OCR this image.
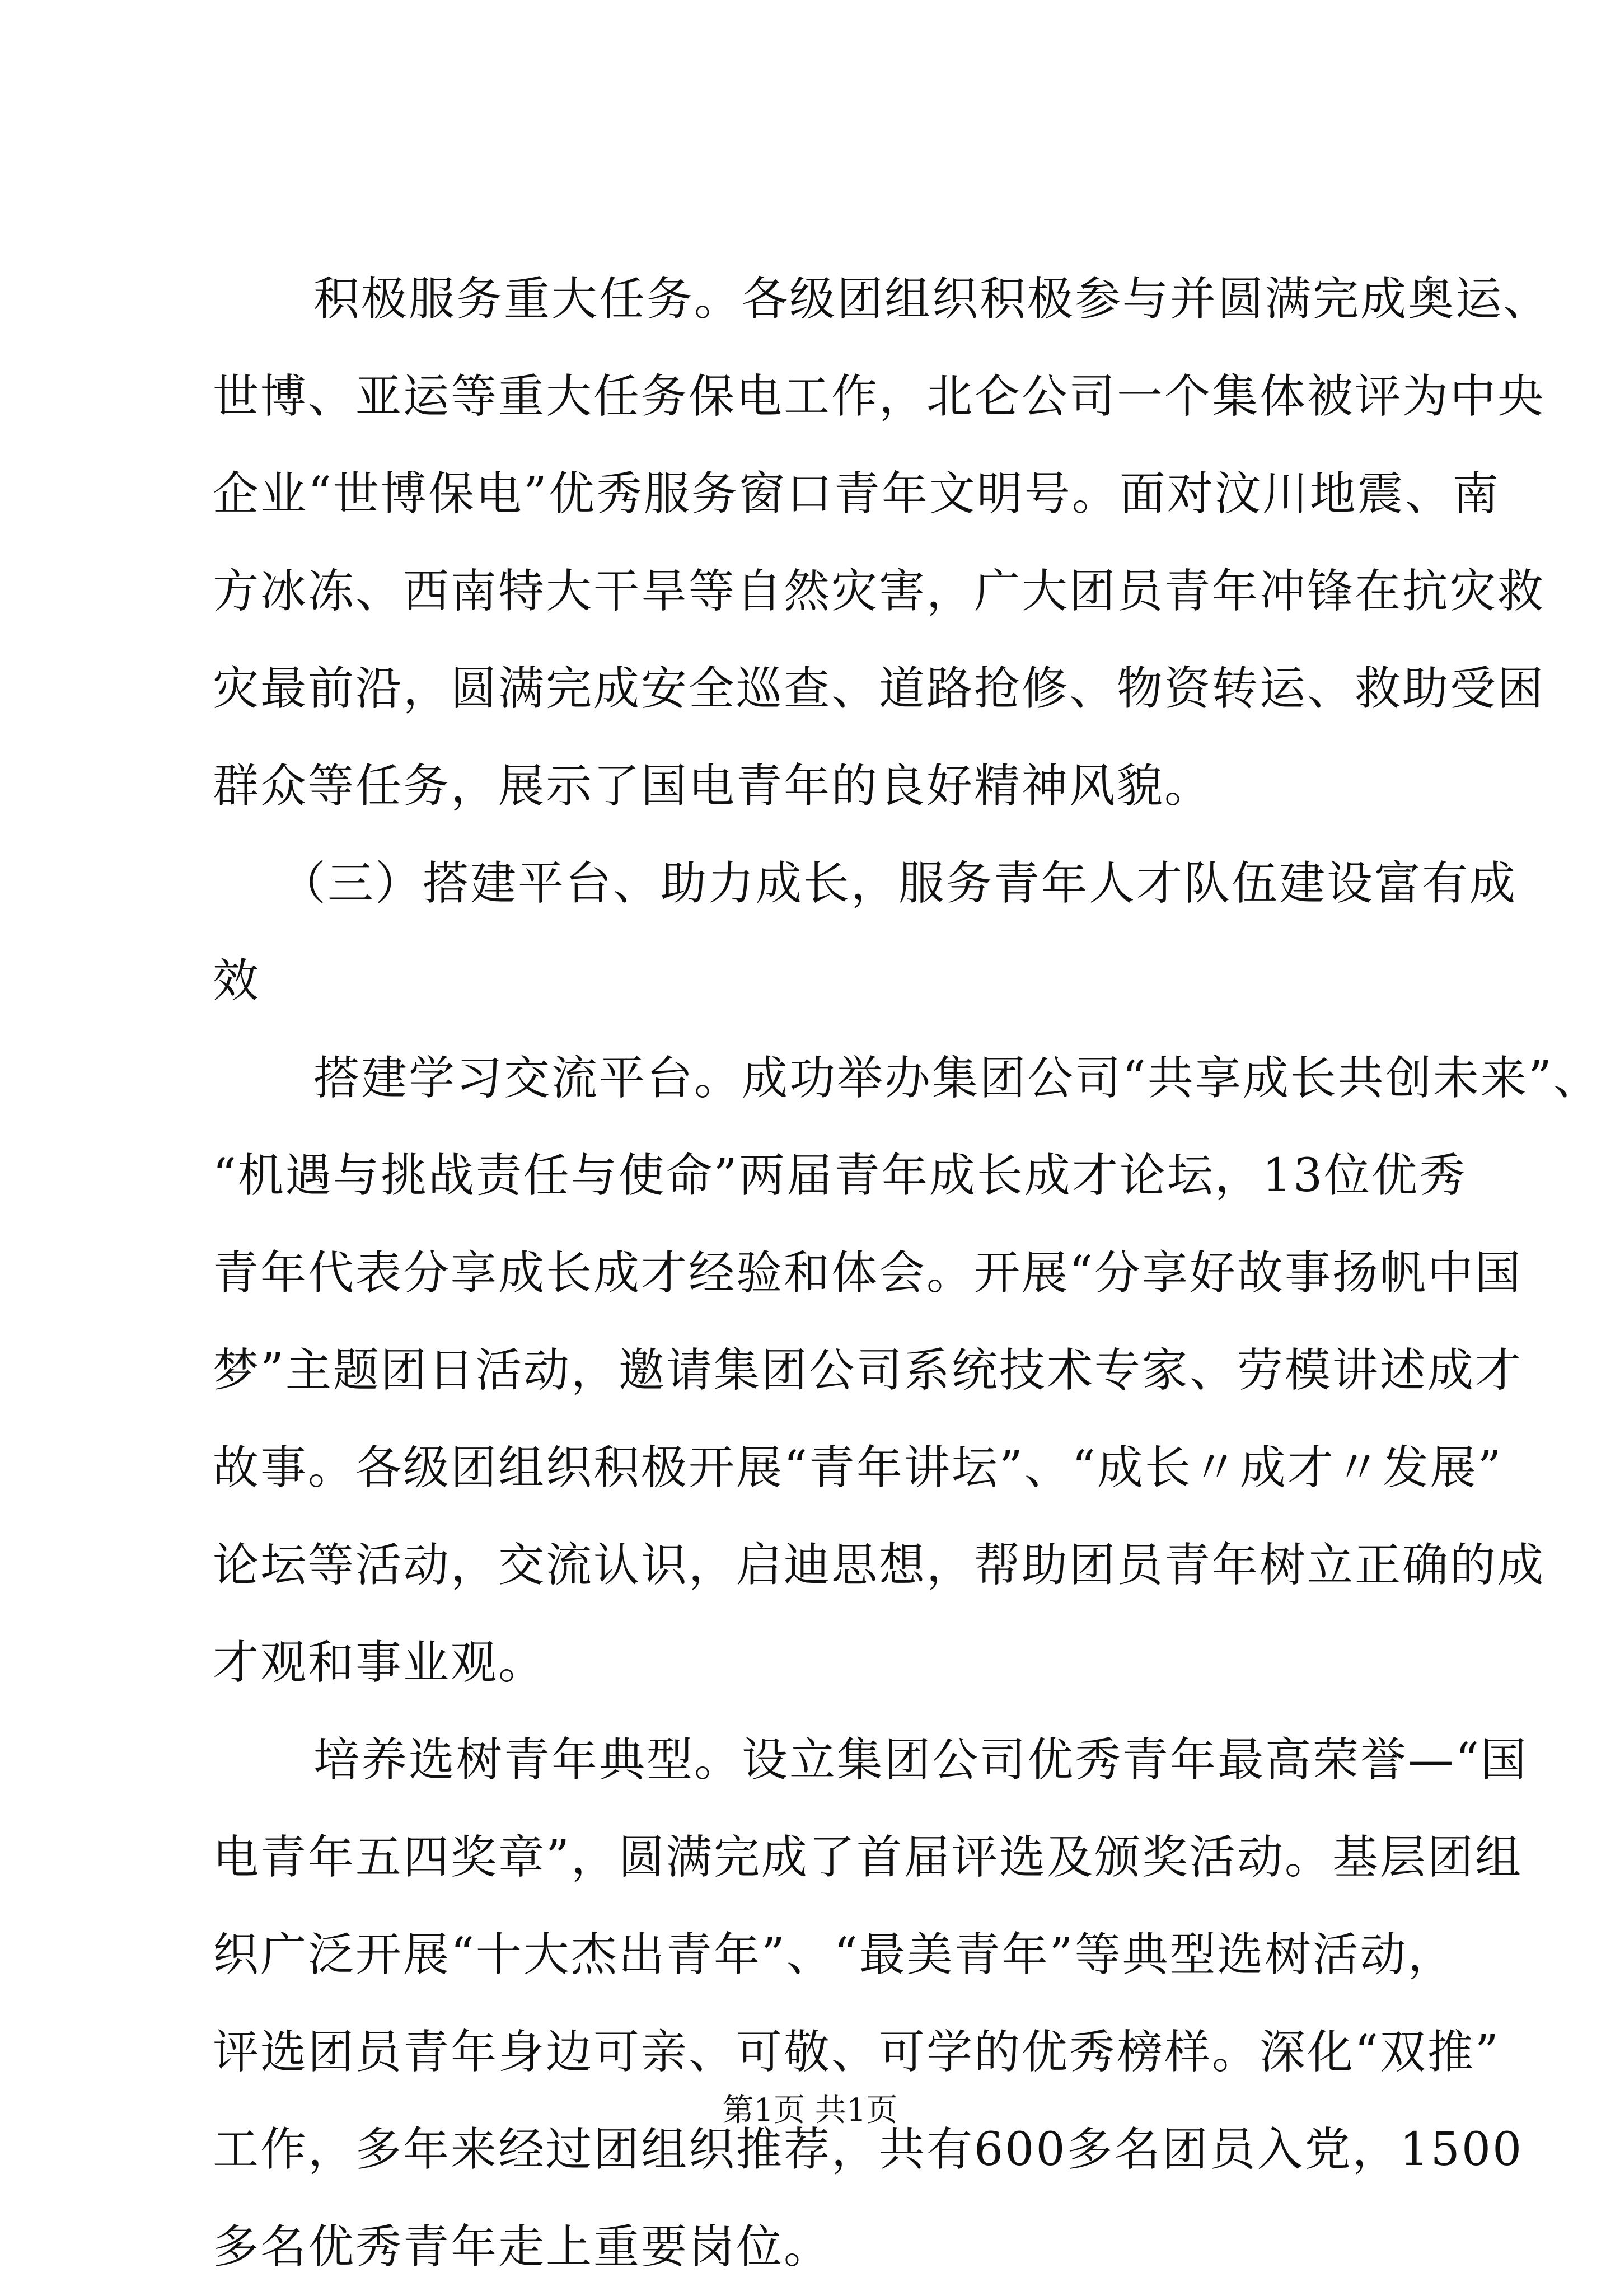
积极服务重大任务。各级团组织积极参与并圆满完成奥运、
世博、亚运等重大任务保电工作，北仑公司一个集体被评为中央
企业“世博保电”优秀服务窗口青年文明号。面对汶川地震、南
方冰冻、西南特大干旱等自然灾害，广大团员青年冲锋在抗灾救
灾最前沿，圆满完成安全巡查、道路抢修、物资转运、救助受困
群众等任务，展示了国电青年的良好精神风貌。
（三）搭建平台、助力成长，服务青年人才队伍建设富有成
效
搭建学习交流平台。成功举办集团公司“共享成长共创未来”、
“机遇与挑战责任与使命”两届青年成长成才论坛，13位优秀
青年代表分享成长成才经验和体会。开展“分享好故事扬帆中国
梦”主题团日活动，邀请集团公司系统技术专家、劳模讲述成才
故事。各级团组织积极开展“青年讲坛”、“成长〃成才〃发展”
论坛等活动，交流认识，启迪思想，帮助团员青年树立正确的成
才观和事业观。
培养选树青年典型。设立集团公司优秀青年最高荣誉—“国
电青年五四奖章”，圆满完成了首届评选及颁奖活动。基层团组
织广泛开展“十大杰出青年”、“最美青年”等典型选树活动，
评选团员青年身边可亲、可敬、可学的优秀榜样。深化“双推”
工作，多年来经过团组织推荐，共有600多名团员入党，1500
多名优秀青年走上重要岗位。
第1页 共1页
